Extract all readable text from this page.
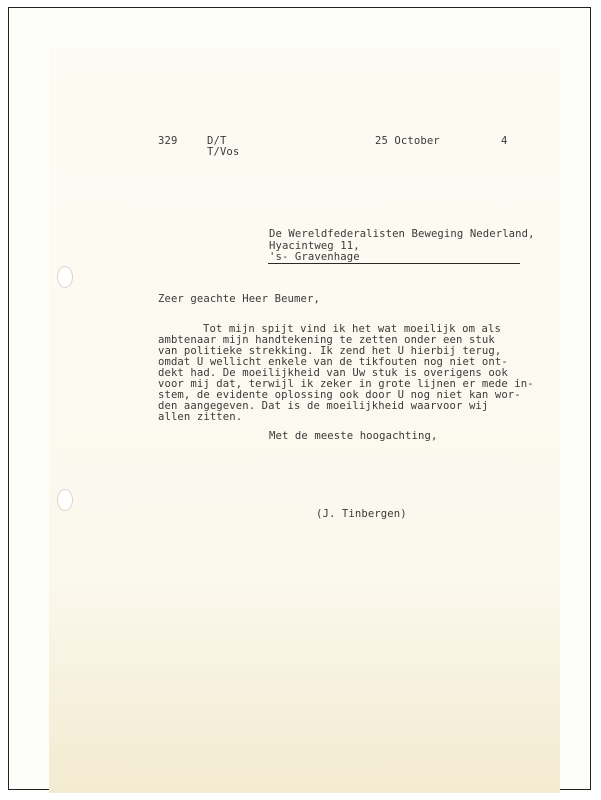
329	D/T
T/Vos
25 October	4
De Wereldfederalisten Beweging Nederland,
Hyacintweg 11,
's- Gravenhage
Zeer geachte Heer Beumer,
Tot mijn spijt vind ik het wat moeilijk om als
ambtenaar mijn handtekening te zetten onder een stuk
van politieke strekking. Ik zend het U hierbij terug,
omdat U wellicht enkele van de tikfouten nog niet ont-
dekt had. De moeilijkheid van Uw stuk is overigens ook
voor mij dat, terwijl ik zeker in grote lijnen er mede in-
stem, de evidente oplossing ook door U nog niet kan wor-
den aangegeven. Dat is de moeilijkheid waarvoor wij
allen zitten.
Met de meeste hoogachting,
(J. Tinbergen)
